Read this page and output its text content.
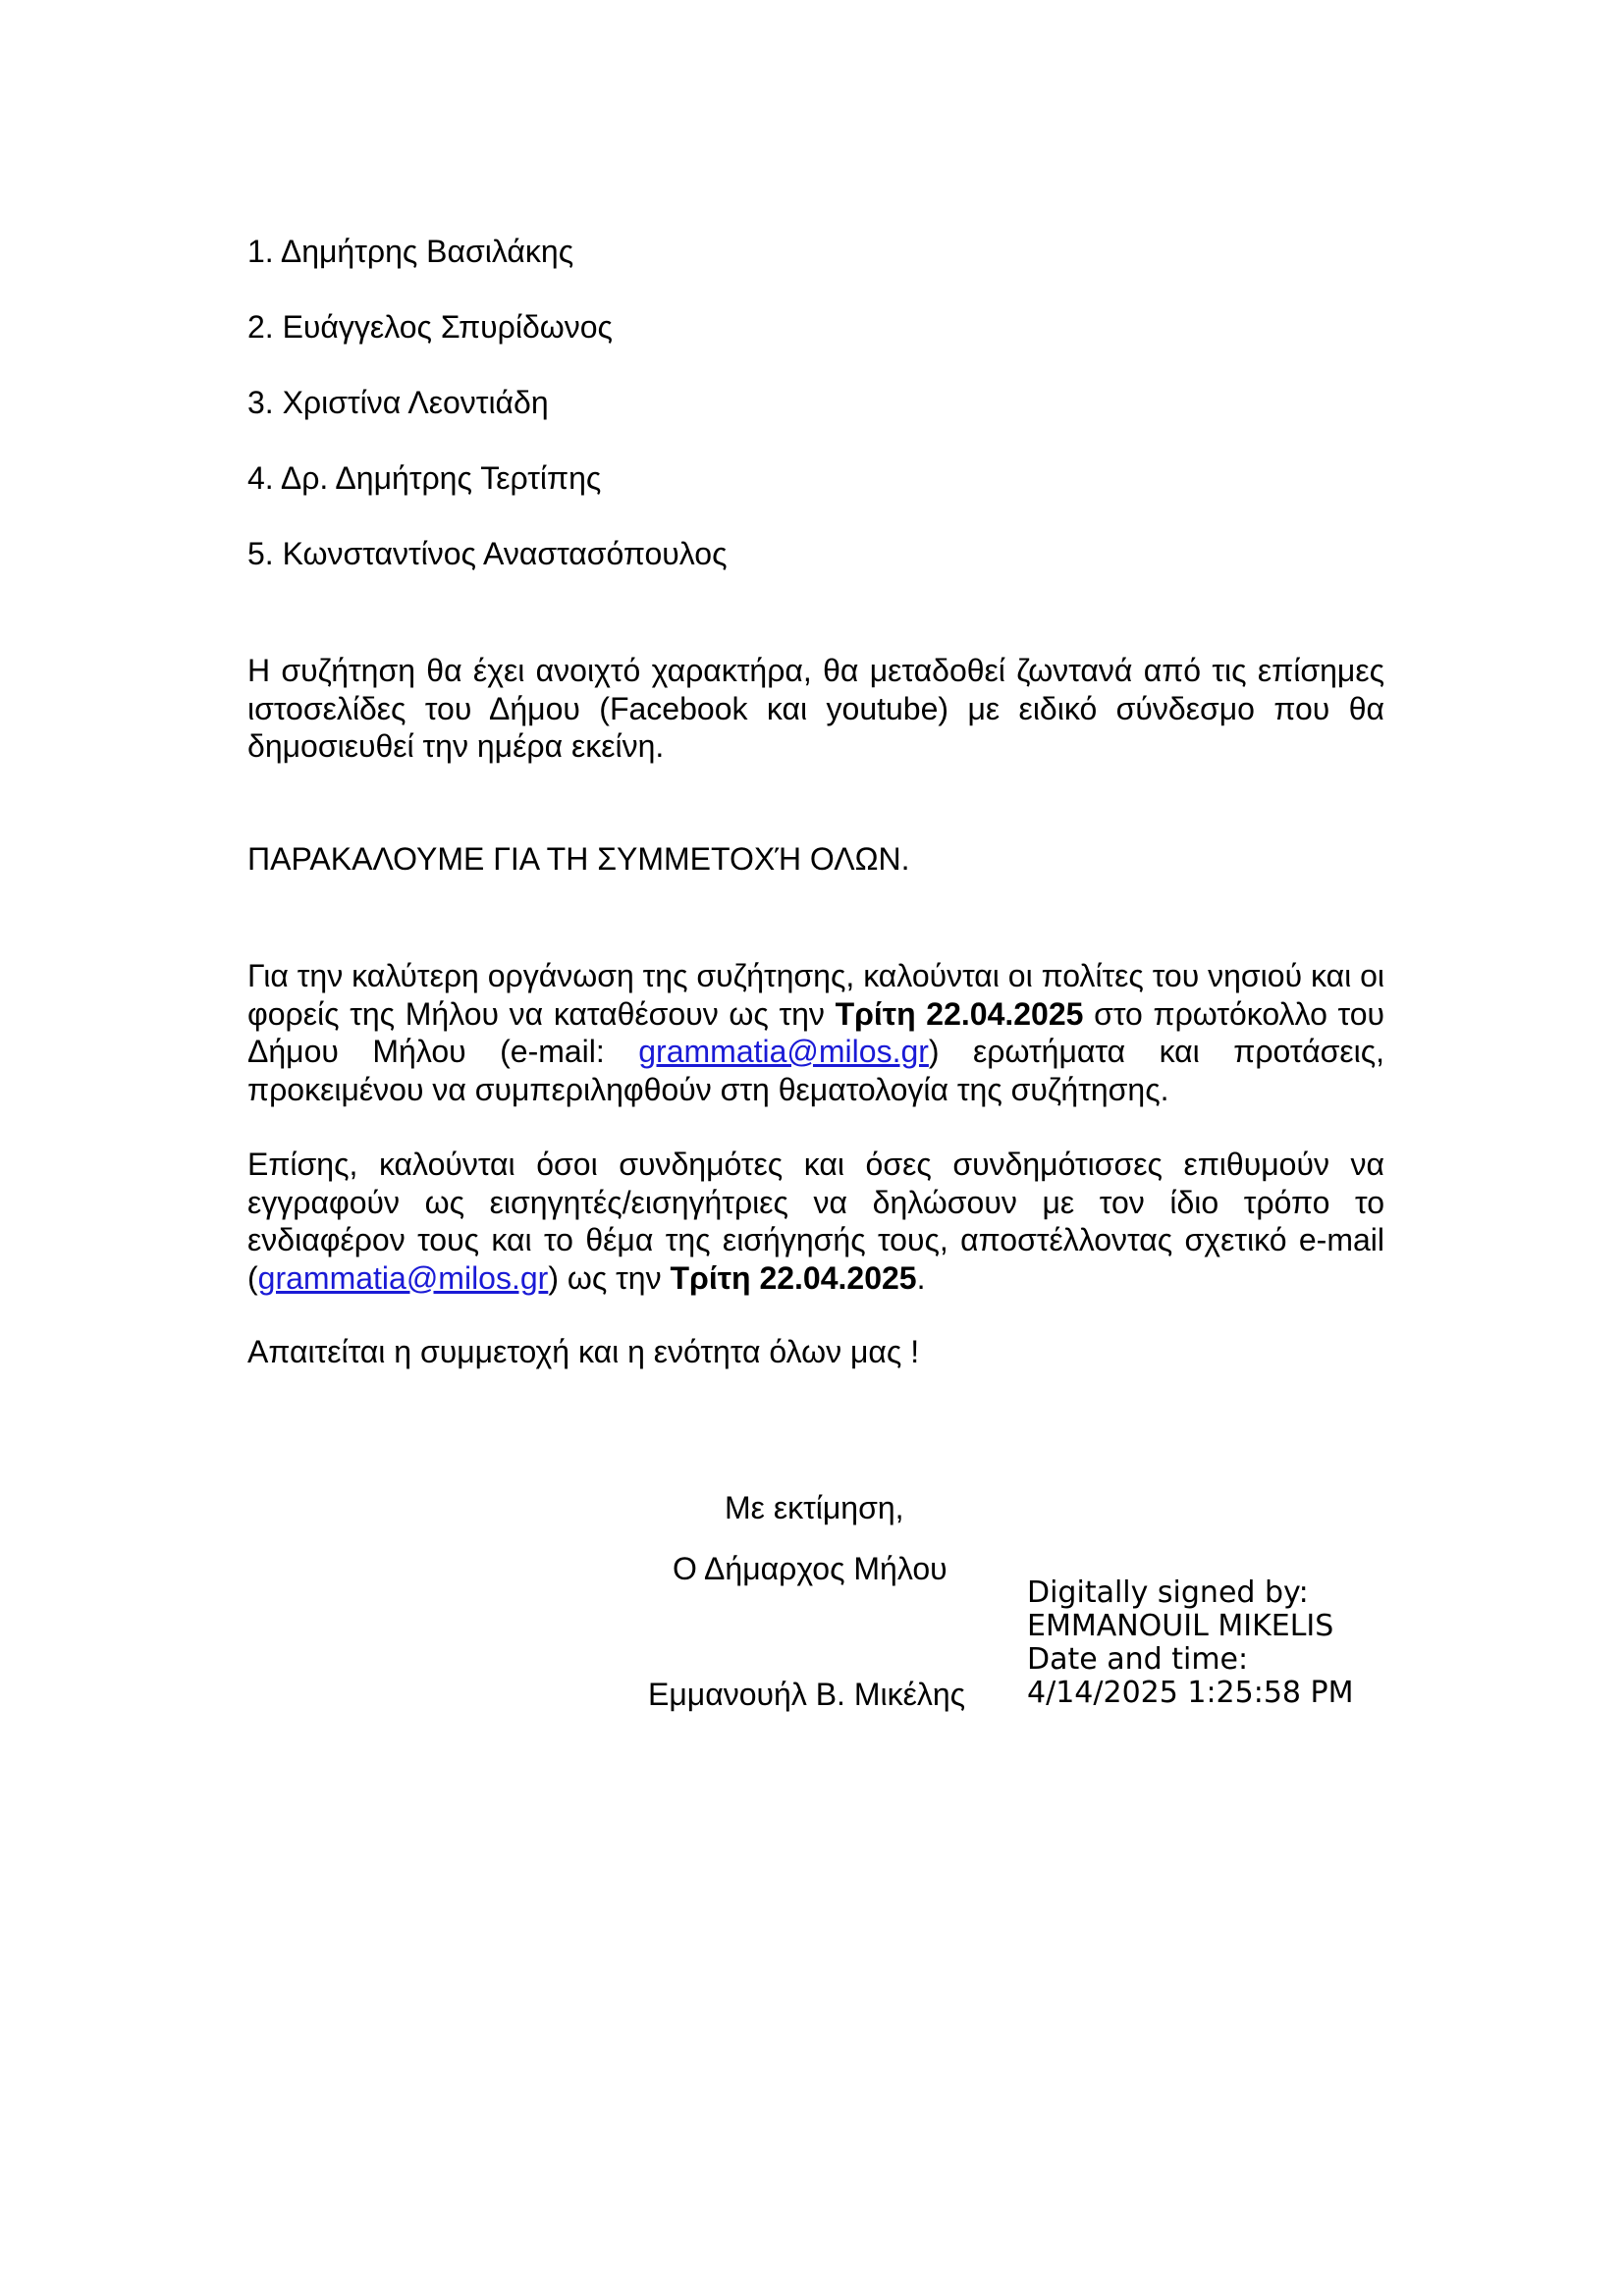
1. Δημήτρης Βασιλάκης
2. Ευάγγελος Σπυρίδωνος
3. Χριστίνα Λεοντιάδη
4. Δρ. Δημήτρης Τερτίπης
5. Κωνσταντίνος Αναστασόπουλος

Η συζήτηση θα έχει ανοιχτό χαρακτήρα, θα μεταδοθεί ζωντανά από τις επίσημες ιστοσελίδες του Δήμου (Facebook και youtube) με ειδικό σύνδεσμο που θα δημοσιευθεί την ημέρα εκείνη.

ΠΑΡΑΚΑΛΟΥΜΕ ΓΙΑ ΤΗ ΣΥΜΜΕΤΟΧΉ ΟΛΩΝ.

Για την καλύτερη οργάνωση της συζήτησης, καλούνται οι πολίτες του νησιού και οι φορείς της Μήλου να καταθέσουν ως την Τρίτη 22.04.2025 στο πρωτόκολλο του Δήμου Μήλου (e-mail: grammatia@milos.gr) ερωτήματα και προτάσεις, προκειμένου να συμπεριληφθούν στη θεματολογία της συζήτησης.

Επίσης, καλούνται όσοι συνδημότες και όσες συνδημότισσες επιθυμούν να εγγραφούν ως εισηγητές/εισηγήτριες να δηλώσουν με τον ίδιο τρόπο το ενδιαφέρον τους και το θέμα της εισήγησής τους, αποστέλλοντας σχετικό e-mail (grammatia@milos.gr) ως την Τρίτη 22.04.2025.

Απαιτείται η συμμετοχή και η ενότητα όλων μας !

Με εκτίμηση,
Ο Δήμαρχος Μήλου
Εμμανουήλ Β. Μικέλης
Digitally signed by:
EMMANOUIL MIKELIS
Date and time:
4/14/2025 1:25:58 PM
